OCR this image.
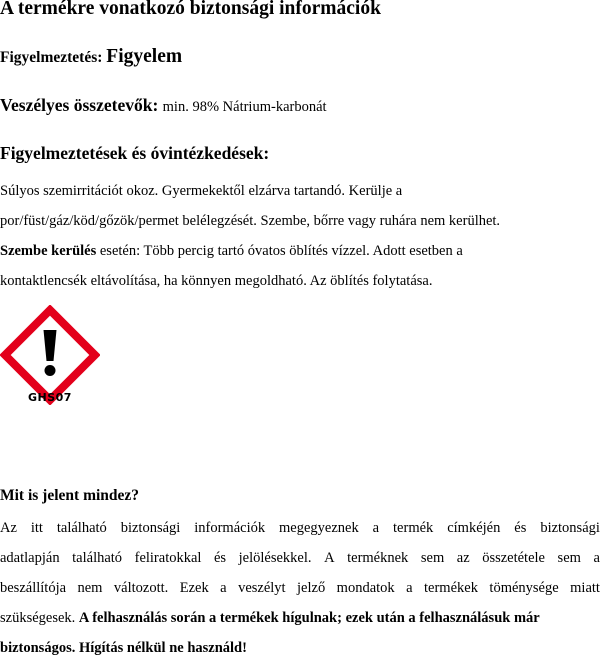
A termékre vonatkozó biztonsági információk

Figyelmeztetés: Figyelem

Veszélyes összetevők: min. 98% Nátrium-karbonát

Figyelmeztetések és óvintézkedések:
Súlyos szemirritációt okoz. Gyermekektől elzárva tartandó. Kerülje a
por/füst/gáz/köd/gőzök/permet belélegzését. Szembe, bőrre vagy ruhára nem kerülhet.
Szembe kerülés esetén: Több percig tartó óvatos öblítés vízzel. Adott esetben a
kontaktlencsék eltávolítása, ha könnyen megoldható. Az öblítés folytatása.
GHS07
Mit is jelent mindez?
Az itt található biztonsági információk megegyeznek a termék címkéjén és biztonsági
adatlapján található feliratokkal és jelölésekkel. A terméknek sem az összetétele sem a
beszállítója nem változott. Ezek a veszélyt jelző mondatok a termékek töménysége miatt
szükségesek. A felhasználás során a termékek hígulnak; ezek után a felhasználásuk már
biztonságos. Hígítás nélkül ne használd!
